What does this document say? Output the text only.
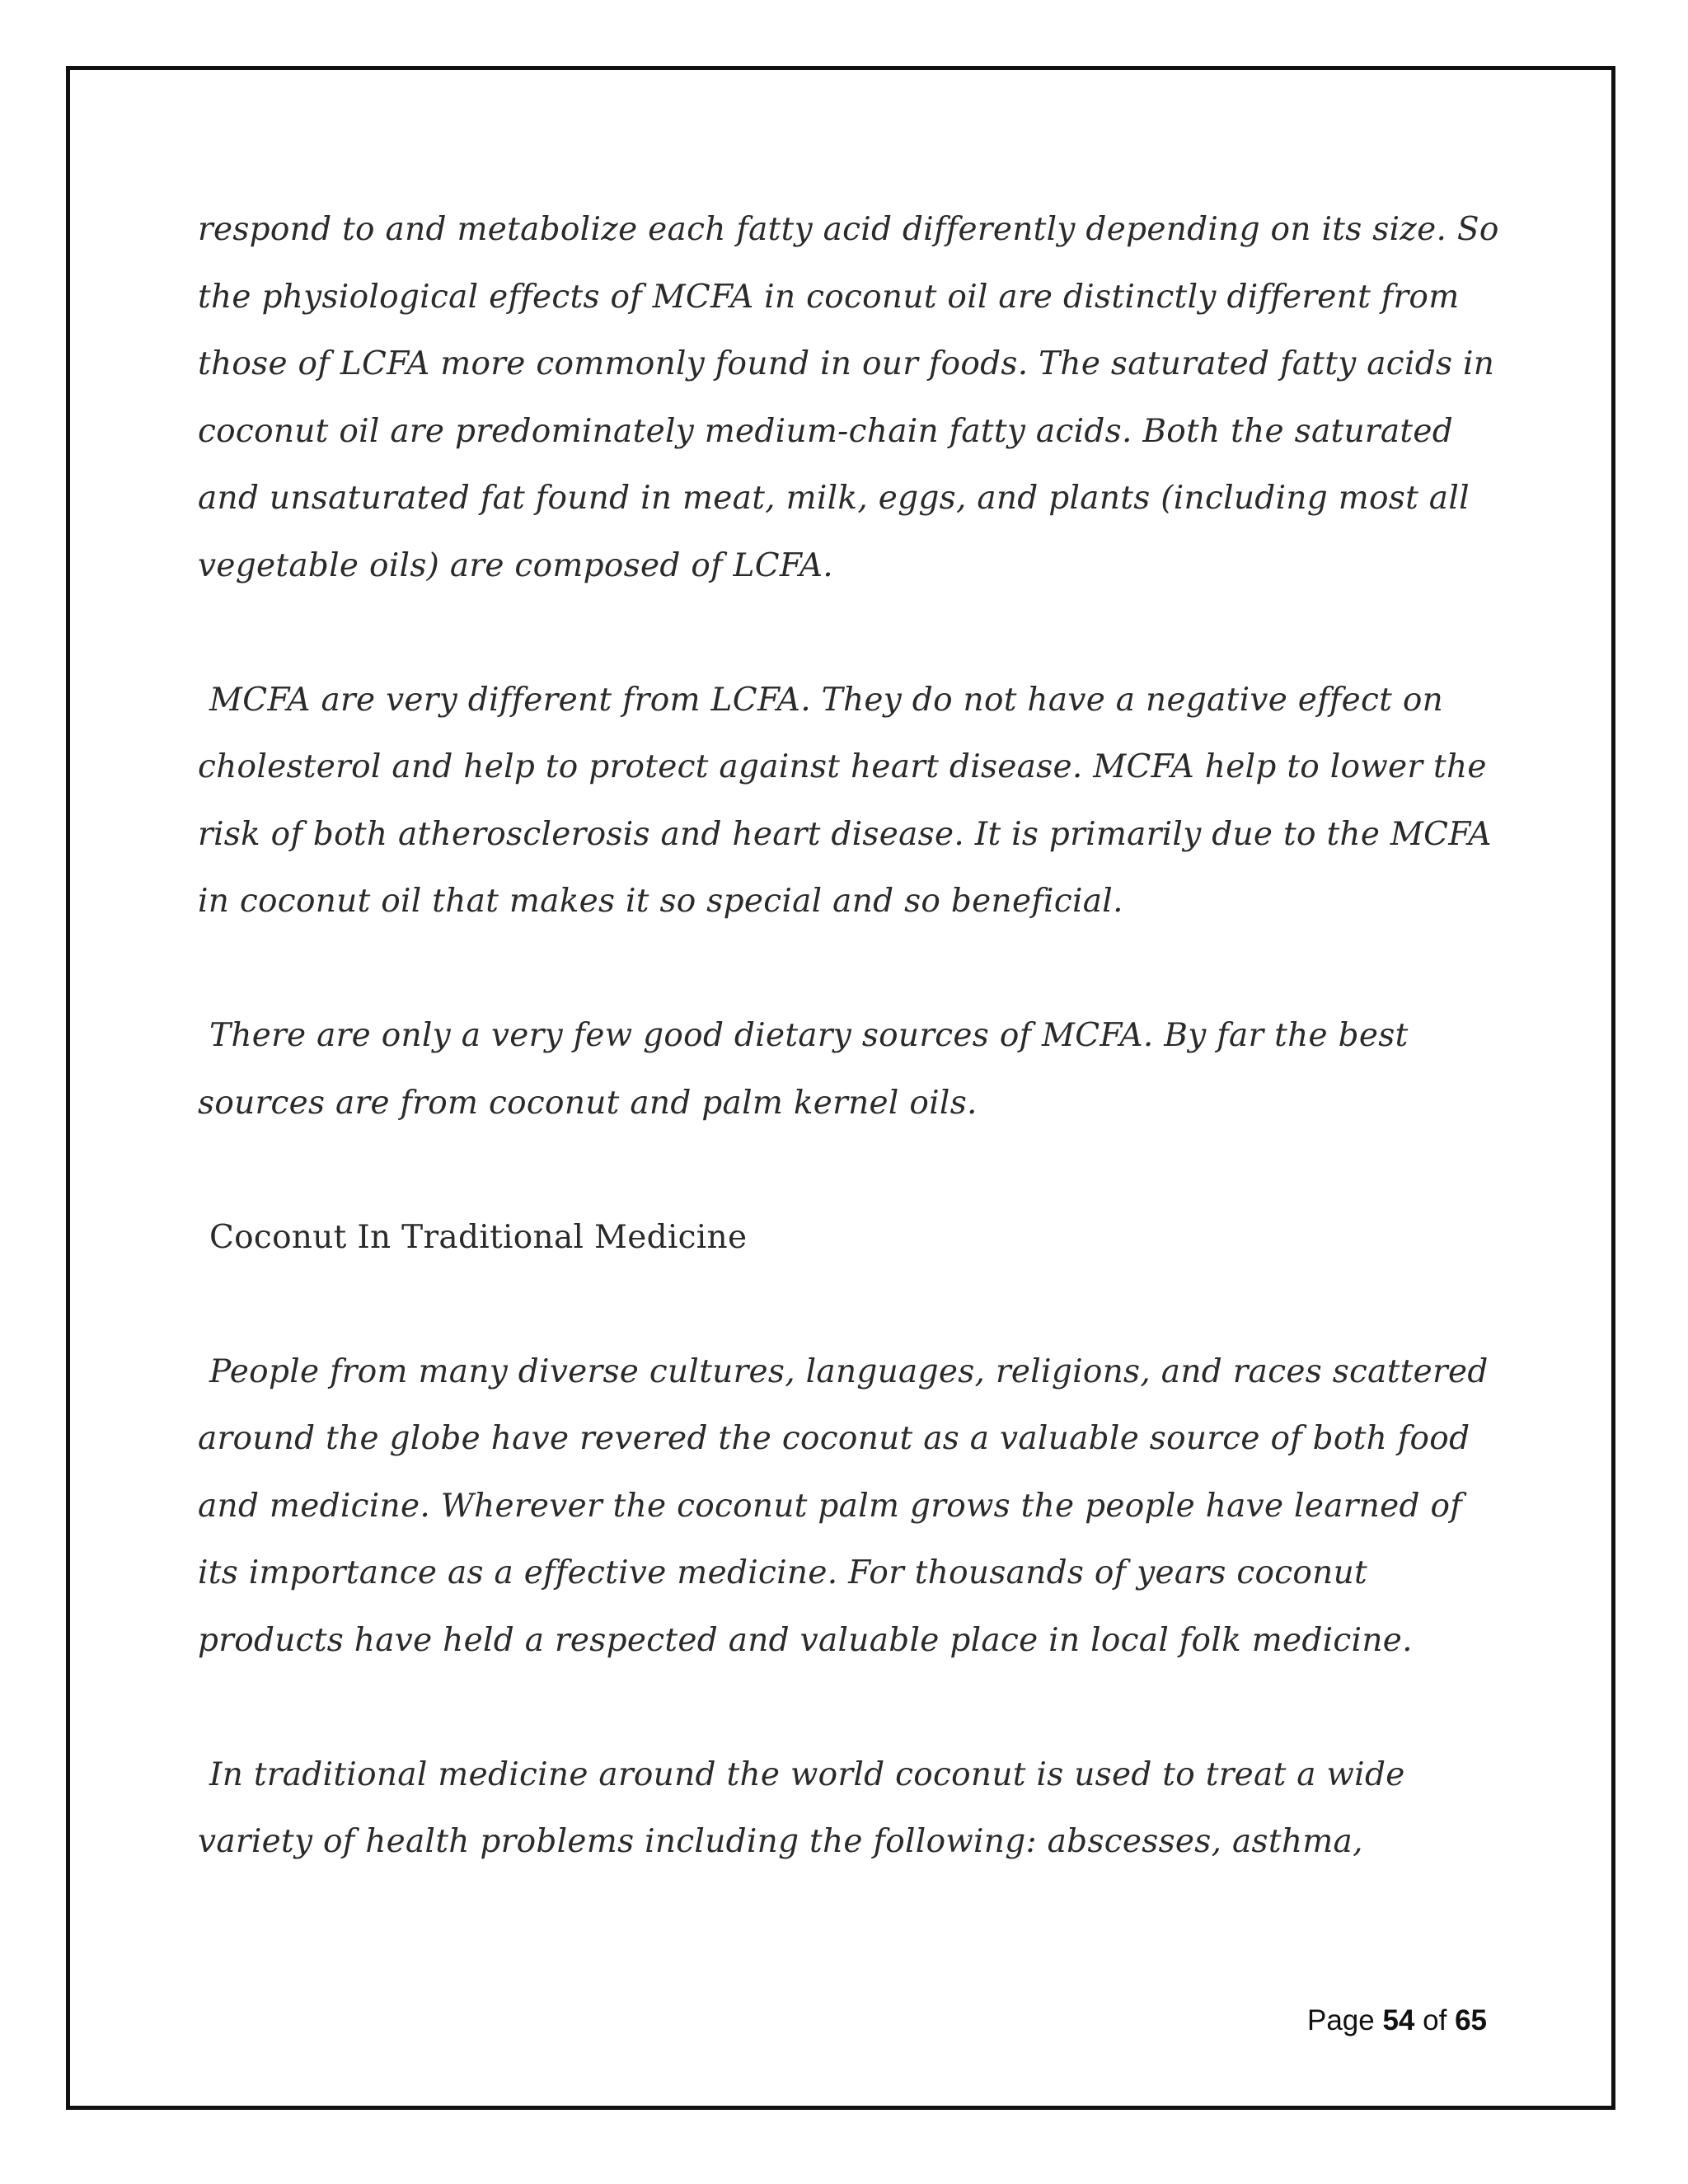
respond to and metabolize each fatty acid differently depending on its size. So the physiological effects of MCFA in coconut oil are distinctly different from those of LCFA more commonly found in our foods. The saturated fatty acids in coconut oil are predominately medium-chain fatty acids. Both the saturated and unsaturated fat found in meat, milk, eggs, and plants (including most all vegetable oils) are composed of LCFA.

MCFA are very different from LCFA. They do not have a negative effect on cholesterol and help to protect against heart disease. MCFA help to lower the risk of both atherosclerosis and heart disease. It is primarily due to the MCFA in coconut oil that makes it so special and so beneficial.

There are only a very few good dietary sources of MCFA. By far the best sources are from coconut and palm kernel oils.

Coconut In Traditional Medicine

People from many diverse cultures, languages, religions, and races scattered around the globe have revered the coconut as a valuable source of both food and medicine. Wherever the coconut palm grows the people have learned of its importance as a effective medicine. For thousands of years coconut products have held a respected and valuable place in local folk medicine.

In traditional medicine around the world coconut is used to treat a wide variety of health problems including the following: abscesses, asthma,

Page 54 of 65
